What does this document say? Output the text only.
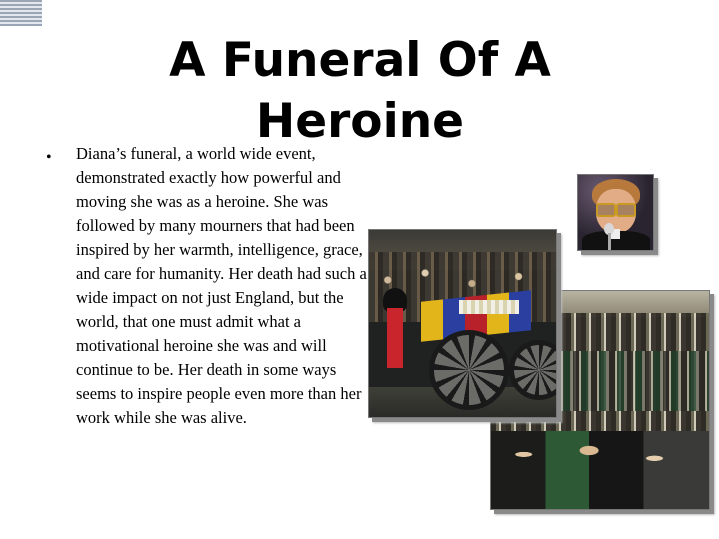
A Funeral Of A Heroine
• Diana’s funeral, a world wide event, demonstrated exactly how powerful and moving she was as a heroine. She was followed by many mourners that had been inspired by her warmth, intelligence, grace, and care for humanity. Her death had such a wide impact on not just England, but the world, that one must admit what a motivational heroine she was and will continue to be. Her death in some ways seems to inspire people even more than her work while she was alive.
